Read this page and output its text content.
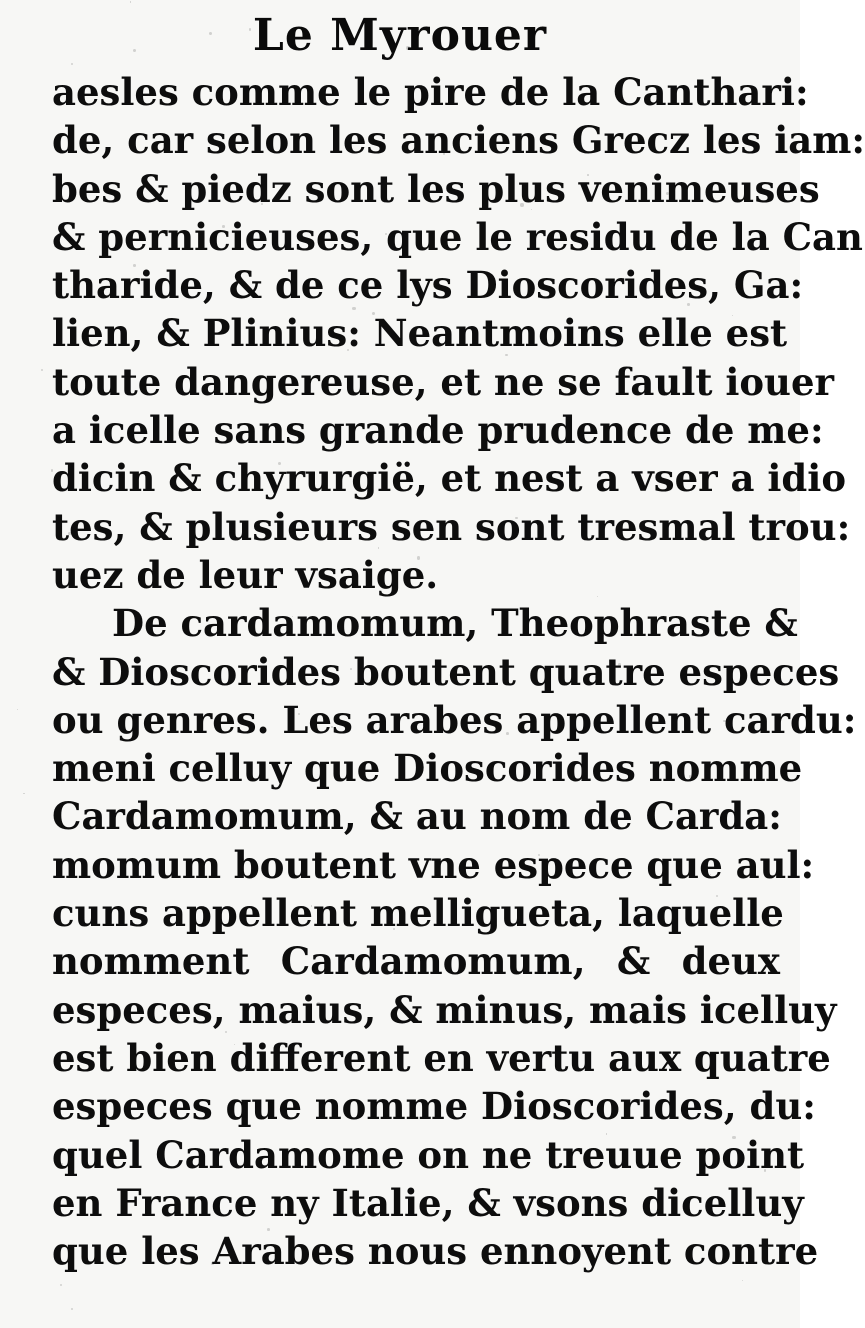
Le Myrouer
aesles comme le pire de la Canthari:
de, car selon les anciens Grecz les iam:
bes & piedz sont les plus venimeuses
& pernicieuses, que le residu de la Can
tharide, & de ce lys Dioscorides, Ga:
lien, & Plinius: Neantmoins elle est
toute dangereuse, et ne se fault iouer
a icelle sans grande prudence de me:
dicin & chyrurgië, et nest a vser a idio
tes, & plusieurs sen sont tresmal trou:
uez de leur vsaige.
De cardamomum, Theophraste &
& Dioscorides boutent quatre especes
ou genres. Les arabes appellent cardu:
meni celluy que Dioscorides nomme
Cardamomum, & au nom de Carda:
momum boutent vne espece que aul:
cuns appellent melligueta, laquelle
nomment Cardamomum, & deux
especes, maius, & minus, mais icelluy
est bien different en vertu aux quatre
especes que nomme Dioscorides, du:
quel Cardamome on ne treuue point
en France ny Italie, & vsons dicelluy
que les Arabes nous ennoyent contre
